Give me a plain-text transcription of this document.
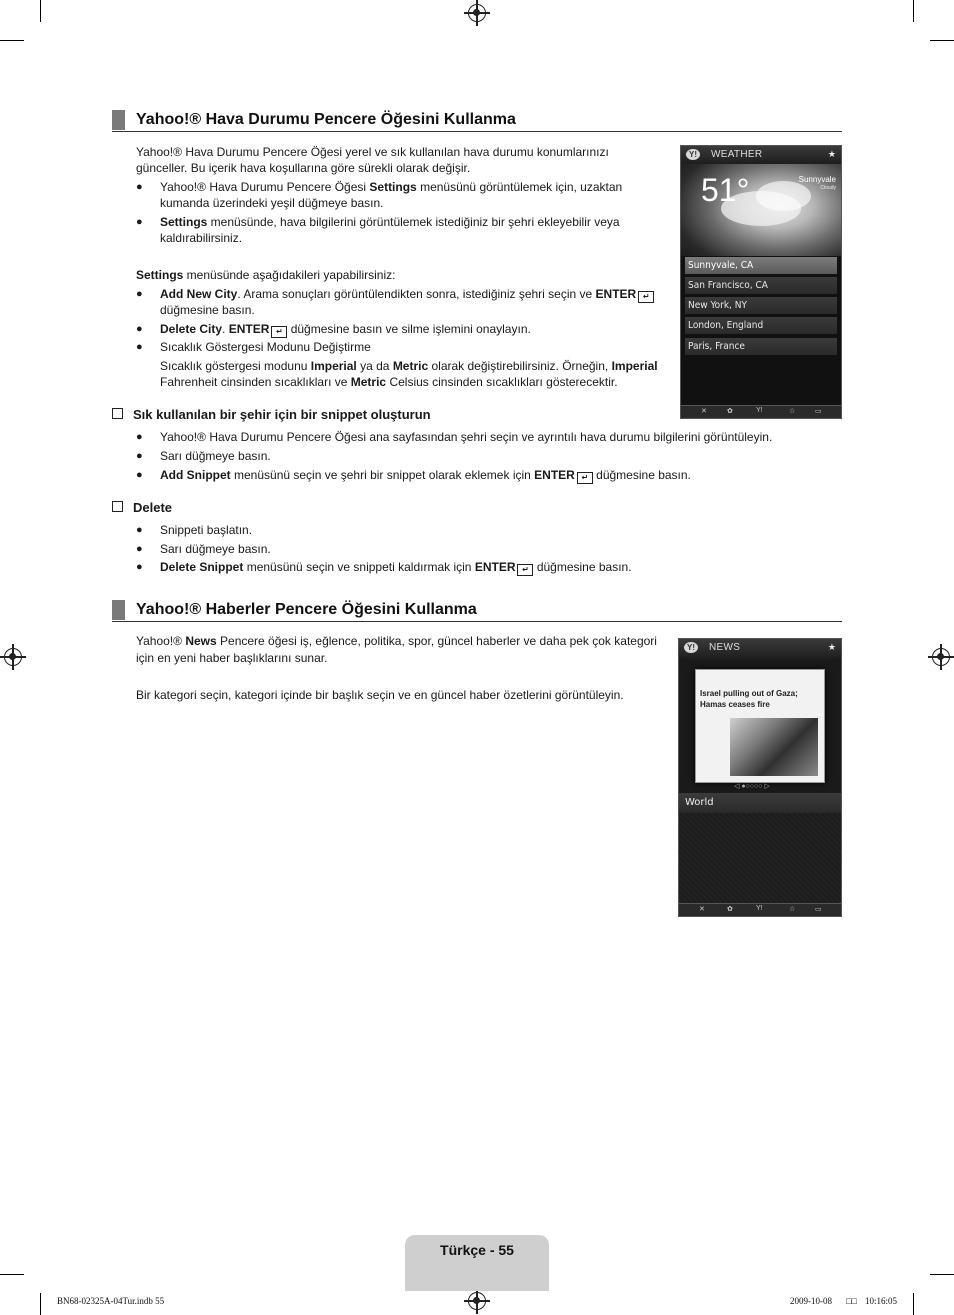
Yahoo!® Hava Durumu Pencere Öğesini Kullanma
Yahoo!® Hava Durumu Pencere Öğesi yerel ve sık kullanılan hava durumu konumlarınızı
günceller. Bu içerik hava koşullarına göre sürekli olarak değişir.
● Yahoo!® Hava Durumu Pencere Öğesi Settings menüsünü görüntülemek için, uzaktan
kumanda üzerindeki yeşil düğmeye basın.
● Settings menüsünde, hava bilgilerini görüntülemek istediğiniz bir şehri ekleyebilir veya
kaldırabilirsiniz.
Settings menüsünde aşağıdakileri yapabilirsiniz:
● Add New City. Arama sonuçları görüntülendikten sonra, istediğiniz şehri seçin ve ENTER ↵
düğmesine basın.
● Delete City. ENTER ↵ düğmesine basın ve silme işlemini onaylayın.
● Sıcaklık Göstergesi Modunu Değiştirme
Sıcaklık göstergesi modunu Imperial ya da Metric olarak değiştirebilirsiniz. Örneğin, Imperial
Fahrenheit cinsinden sıcaklıkları ve Metric Celsius cinsinden sıcaklıkları gösterecektir.
Y!	WEATHER	★
51°	Sunnyvale
Cloudy
Sunnyvale, CA
San Francisco, CA
New York, NY
London, England
Paris, France
✕	✿	Y!	☆	▭
Sık kullanılan bir şehir için bir snippet oluşturun
● Yahoo!® Hava Durumu Pencere Öğesi ana sayfasından şehri seçin ve ayrıntılı hava durumu bilgilerini görüntüleyin.
● Sarı düğmeye basın.
● Add Snippet menüsünü seçin ve şehri bir snippet olarak eklemek için ENTER ↵ düğmesine basın.
Delete
● Snippeti başlatın.
● Sarı düğmeye basın.
● Delete Snippet menüsünü seçin ve snippeti kaldırmak için ENTER ↵ düğmesine basın.
Yahoo!® Haberler Pencere Öğesini Kullanma
Yahoo!® News Pencere öğesi iş, eğlence, politika, spor, güncel haberler ve daha pek çok kategori
için en yeni haber başlıklarını sunar.
Bir kategori seçin, kategori içinde bir başlık seçin ve en güncel haber özetlerini görüntüleyin.
Y!	NEWS	★
Israel pulling out of Gaza; Hamas ceases fire
◁ ●○○○○ ▷
World
✕	✿	Y!	☆	▭
Türkçe - 55
BN68-02325A-04Tur.indb 55	2009-10-08 □□ 10:16:05
